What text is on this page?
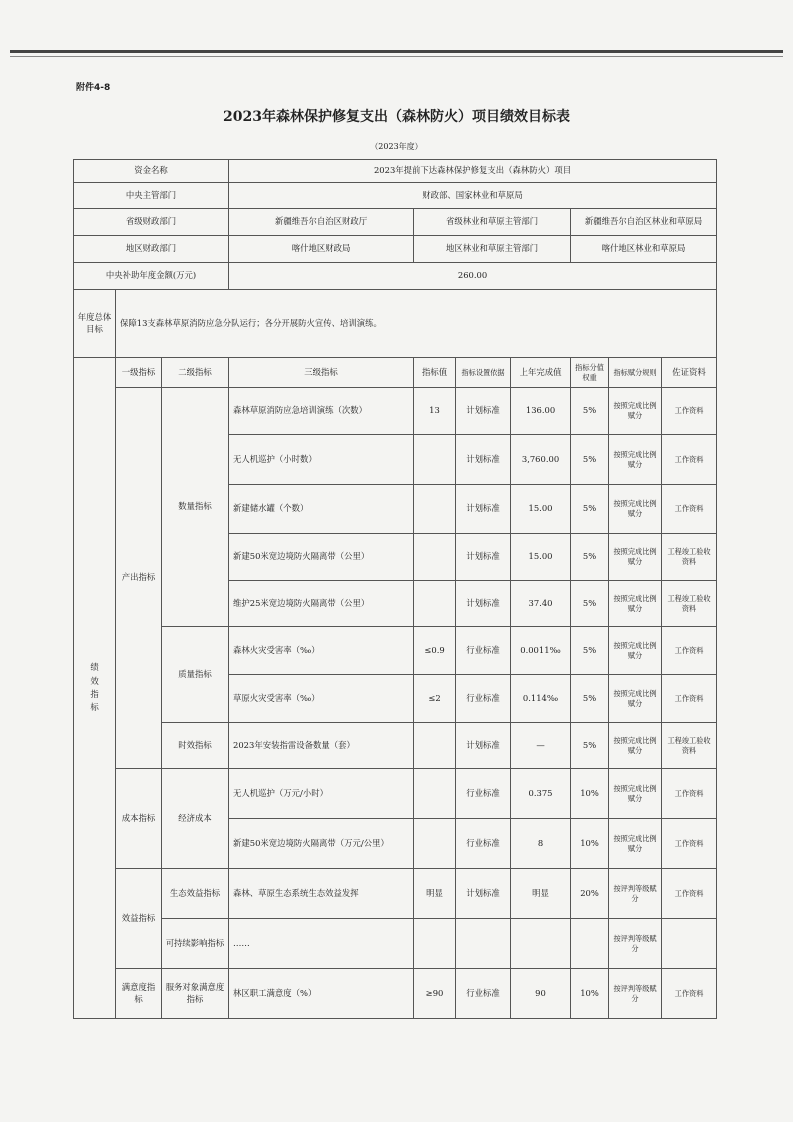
附件4-8
2023年森林保护修复支出（森林防火）项目绩效目标表
（2023年度）
资金名称			2023年提前下达森林保护修复支出（森林防火）项目						
中央主管部门			财政部、国家林业和草原局						
省级财政部门			新疆维吾尔自治区财政厅	省级林业和草原主管部门			新疆维吾尔自治区林业和草原局		
地区财政部门			喀什地区财政局	地区林业和草原主管部门			喀什地区林业和草原局		
中央补助年度金额(万元)			260.00						
年度总体目标	保障13支森林草原消防应急分队运行；各分开展防火宣传、培训演练。								
绩效指标	一级指标	二级指标	三级指标	指标值	指标设置依据	上年完成值	指标分值权重	指标赋分规则	佐证资料
	产出指标	数量指标	森林草原消防应急培训演练（次数）	13	计划标准	136.00	5%	按照完成比例赋分	工作资料
			无人机巡护（小时数）		计划标准	3,760.00	5%	按照完成比例赋分	工作资料
			新建储水罐（个数）		计划标准	15.00	5%	按照完成比例赋分	工作资料
			新建50米宽边境防火隔离带（公里）		计划标准	15.00	5%	按照完成比例赋分	工程竣工验收资料
			维护25米宽边境防火隔离带（公里）		计划标准	37.40	5%	按照完成比例赋分	工程竣工验收资料
		质量指标	森林火灾受害率（‰）	≤0.9	行业标准	0.0011‰	5%	按照完成比例赋分	工作资料
			草原火灾受害率（‰）	≤2	行业标准	0.114‰	5%	按照完成比例赋分	工作资料
		时效指标	2023年安装指雷设备数量（套）		计划标准	—	5%	按照完成比例赋分	工程竣工验收资料
	成本指标	经济成本	无人机巡护（万元/小时）		行业标准	0.375	10%	按照完成比例赋分	工作资料
			新建50米宽边境防火隔离带（万元/公里）		行业标准	8	10%	按照完成比例赋分	工作资料
	效益指标	生态效益指标	森林、草原生态系统生态效益发挥	明显	计划标准	明显	20%	按评判等级赋分	工作资料
		可持续影响指标	……					按评判等级赋分	
	满意度指标	服务对象满意度指标	林区职工满意度（%）	≥90	行业标准	90	10%	按评判等级赋分	工作资料
